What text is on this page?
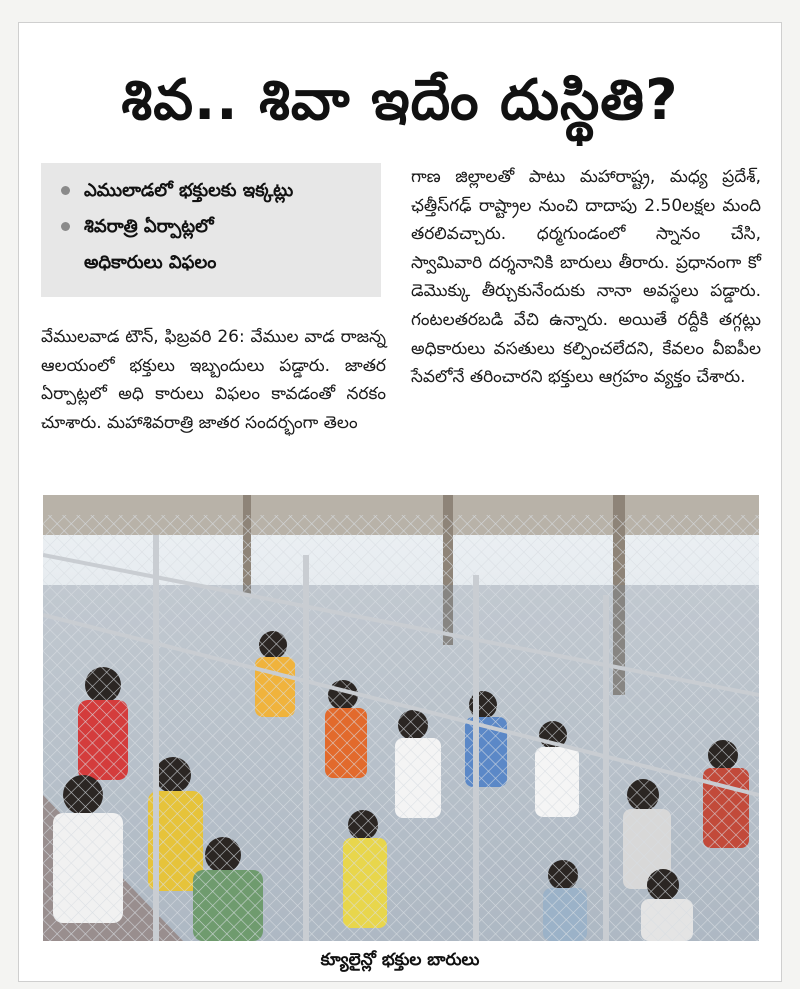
శివ.. శివా ఇదేం దుస్థితి?
ఎములాడలో భక్తులకు ఇక్కట్లు
శివరాత్రి ఏర్పాట్లలో
అధికారులు విఫలం
వేములవాడ టౌన్, ఫిబ్రవరి 26: వేముల వాడ రాజన్న ఆలయంలో భక్తులు ఇబ్బందులు పడ్డారు. జాతర ఏర్పాట్లలో అధి కారులు విఫలం కావడంతో నరకం చూశారు. మహాశివరాత్రి జాతర సందర్భంగా తెలం
గాణ జిల్లాలతో పాటు మహారాష్ట్ర, మధ్య ప్రదేశ్, ఛత్తీస్‌గఢ్ రాష్ట్రాల నుంచి దాదాపు 2.50లక్షల మంది తరలివచ్చారు. ధర్మగుండంలో స్నానం చేసి, స్వామివారి దర్శనానికి బారులు తీరారు. ప్రధానంగా కో డెమొక్కు తీర్చుకునేందుకు నానా అవస్థలు పడ్డారు. గంటలతరబడి వేచి ఉన్నారు. అయితే రద్దీకి తగ్గట్లు అధికారులు వసతులు కల్పించలేదని, కేవలం వీఐపీల సేవలోనే తరించారని భక్తులు ఆగ్రహం వ్యక్తం చేశారు.
క్యూలైన్లో భక్తుల బారులు
